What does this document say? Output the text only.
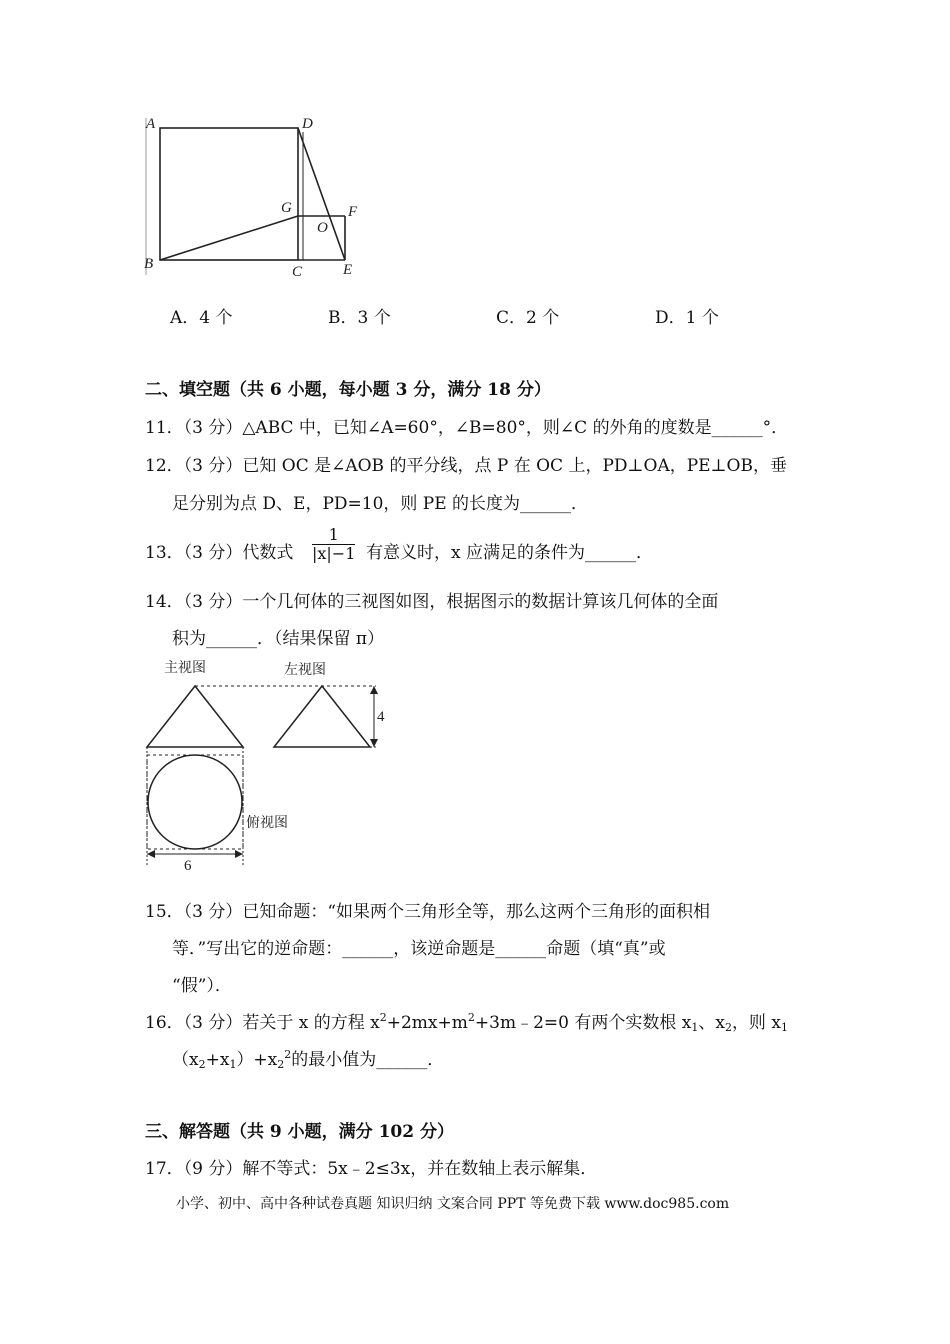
A	D
B	C
G	F
O
E
A．4 个	B．3 个	C．2 个	D．1 个
二、填空题（共 6 小题，每小题 3 分，满分 18 分）
11．（3 分）△ABC 中，已知∠A=60°，∠B=80°，则∠C 的外角的度数是______°．
12．（3 分）已知 OC 是∠AOB 的平分线，点 P 在 OC 上，PD⊥OA，PE⊥OB，垂
足分别为点 D、E，PD=10，则 PE 的长度为______．
13．（3 分）代数式 $\frac{1}{|x|-1}$ 有意义时，x 应满足的条件为______．
14．（3 分）一个几何体的三视图如图，根据图示的数据计算该几何体的全面
积为______．（结果保留 π）
主视图	左视图
俯视图
4
6
15．（3 分）已知命题：“如果两个三角形全等，那么这两个三角形的面积相
等．”写出它的逆命题：______，该逆命题是______命题（填“真”或
“假”）．
16．（3 分）若关于 x 的方程 $x^2+2mx+m^2+3m﹣2=0$ 有两个实数根 $x_1$、$x_2$，则 $x_1$
$(x_2+x_1)+x_2^2$的最小值为______．
三、解答题（共 9 小题，满分 102 分）
17．（9 分）解不等式：5x﹣2≤3x，并在数轴上表示解集．
小学、初中、高中各种试卷真题 知识归纳 文案合同 PPT 等免费下载 www.doc985.com
